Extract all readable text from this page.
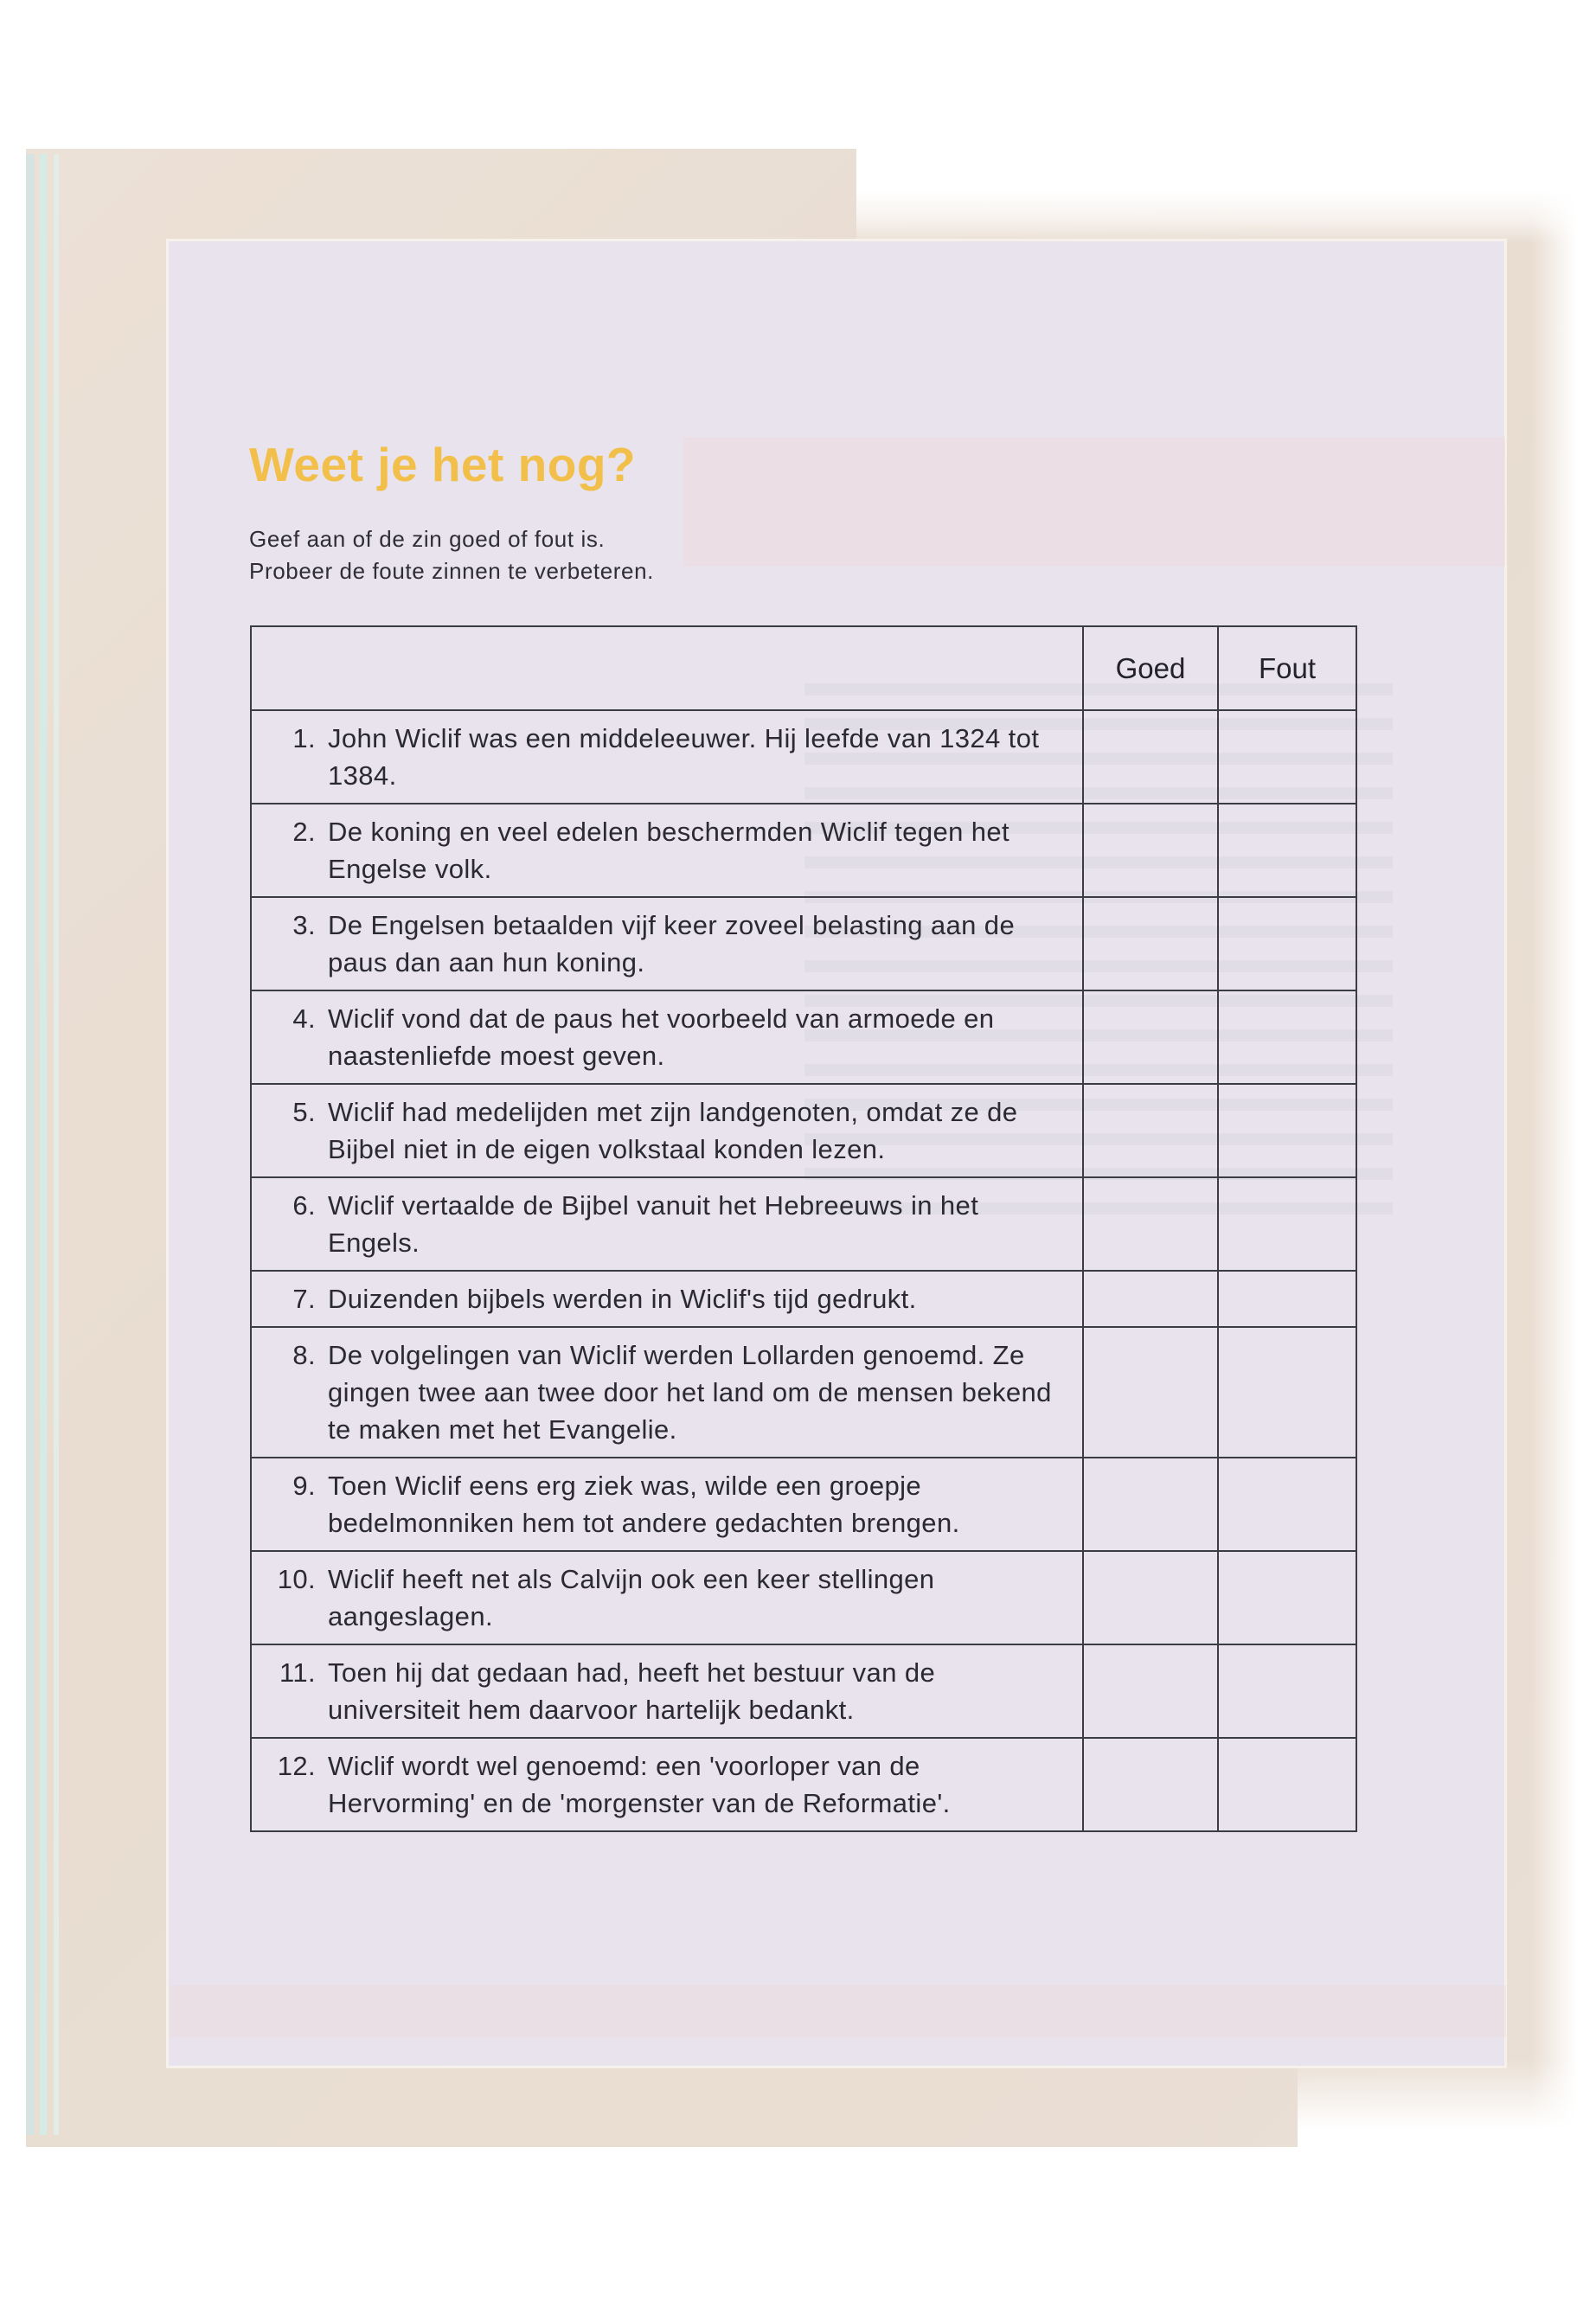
Weet je het nog?
Geef aan of de zin goed of fout is.
Probeer de foute zinnen te verbeteren.
	Goed	Fout

1. John Wiclif was een middeleeuwer. Hij leefde van 1324 tot 1384.		

2. De koning en veel edelen beschermden Wiclif tegen het Engelse volk.		

3. De Engelsen betaalden vijf keer zoveel belasting aan de paus dan aan hun koning.		

4. Wiclif vond dat de paus het voorbeeld van armoede en naastenliefde moest geven.		

5. Wiclif had medelijden met zijn landgenoten, omdat ze de Bijbel niet in de eigen volkstaal konden lezen.		

6. Wiclif vertaalde de Bijbel vanuit het Hebreeuws in het Engels.		

7. Duizenden bijbels werden in Wiclif's tijd gedrukt.		

8. De volgelingen van Wiclif werden Lollarden genoemd. Ze gingen twee aan twee door het land om de mensen bekend te maken met het Evangelie.		

9. Toen Wiclif eens erg ziek was, wilde een groepje bedelmonniken hem tot andere gedachten brengen.		

10. Wiclif heeft net als Calvijn ook een keer stellingen aangeslagen.		

11. Toen hij dat gedaan had, heeft het bestuur van de universiteit hem daarvoor hartelijk bedankt.		

12. Wiclif wordt wel genoemd: een 'voorloper van de Hervorming' en de 'morgenster van de Reformatie'.		
